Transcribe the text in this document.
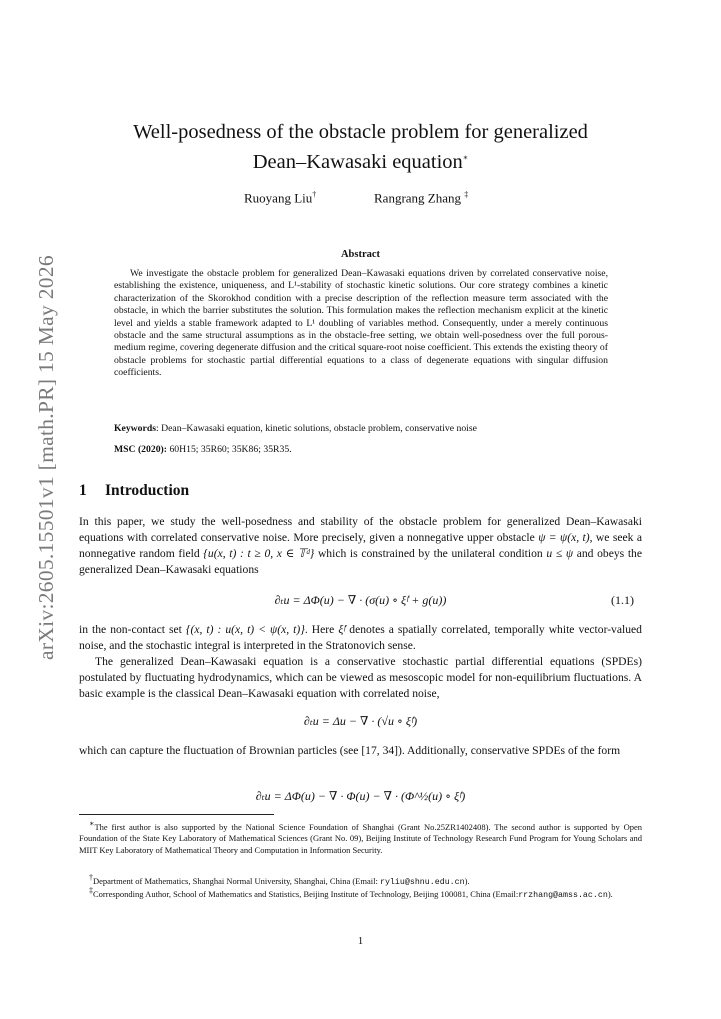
arXiv:2605.15501v1 [math.PR] 15 May 2026
Well-posedness of the obstacle problem for generalized
Dean–Kawasaki equation∗
Ruoyang Liu†	Rangrang Zhang ‡
Abstract
We investigate the obstacle problem for generalized Dean–Kawasaki equations driven by correlated conservative noise, establishing the existence, uniqueness, and L¹-stability of stochastic kinetic solutions. Our core strategy combines a kinetic characterization of the Skorokhod condition with a precise description of the reflection measure term associated with the obstacle, in which the barrier substitutes the solution. This formulation makes the reflection mechanism explicit at the kinetic level and yields a stable framework adapted to L¹ doubling of variables method. Consequently, under a merely continuous obstacle and the same structural assumptions as in the obstacle-free setting, we obtain well-posedness over the full porous-medium regime, covering degenerate diffusion and the critical square-root noise coefficient. This extends the existing theory of obstacle problems for stochastic partial differential equations to a class of degenerate equations with singular diffusion coefficients.
Keywords: Dean–Kawasaki equation, kinetic solutions, obstacle problem, conservative noise
MSC (2020): 60H15; 35R60; 35K86; 35R35.
1 Introduction
In this paper, we study the well-posedness and stability of the obstacle problem for generalized Dean–Kawasaki equations with correlated conservative noise. More precisely, given a nonnegative upper obstacle ψ = ψ(x, t), we seek a nonnegative random field {u(x, t) : t ≥ 0, x ∈ 𝕋ᵈ} which is constrained by the unilateral condition u ≤ ψ and obeys the generalized Dean–Kawasaki equations
∂ₜu = ΔΦ(u) − ∇ · (σ(u) ∘ ξ̇ᶠ + g(u))	(1.1)
in the non-contact set {(x, t) : u(x, t) < ψ(x, t)}. Here ξ̇ᶠ denotes a spatially correlated, temporally white vector-valued noise, and the stochastic integral is interpreted in the Stratonovich sense.
The generalized Dean–Kawasaki equation is a conservative stochastic partial differential equations (SPDEs) postulated by fluctuating hydrodynamics, which can be viewed as mesoscopic model for non-equilibrium fluctuations. A basic example is the classical Dean–Kawasaki equation with correlated noise,
∂ₜu = Δu − ∇ · (√u ∘ ξ̇ᶠ)
which can capture the fluctuation of Brownian particles (see [17, 34]). Additionally, conservative SPDEs of the form
∂ₜu = ΔΦ(u) − ∇ · Φ(u) − ∇ · (Φ^½(u) ∘ ξ̇ᶠ)
∗The first author is also supported by the National Science Foundation of Shanghai (Grant No.25ZR1402408). The second author is supported by Open Foundation of the State Key Laboratory of Mathematical Sciences (Grant No. 09), Beijing Institute of Technology Research Fund Program for Young Scholars and MIIT Key Laboratory of Mathematical Theory and Computation in Information Security.
†Department of Mathematics, Shanghai Normal University, Shanghai, China (Email: ryliu@shnu.edu.cn).
‡Corresponding Author, School of Mathematics and Statistics, Beijing Institute of Technology, Beijing 100081, China (Email:rrzhang@amss.ac.cn).
1
